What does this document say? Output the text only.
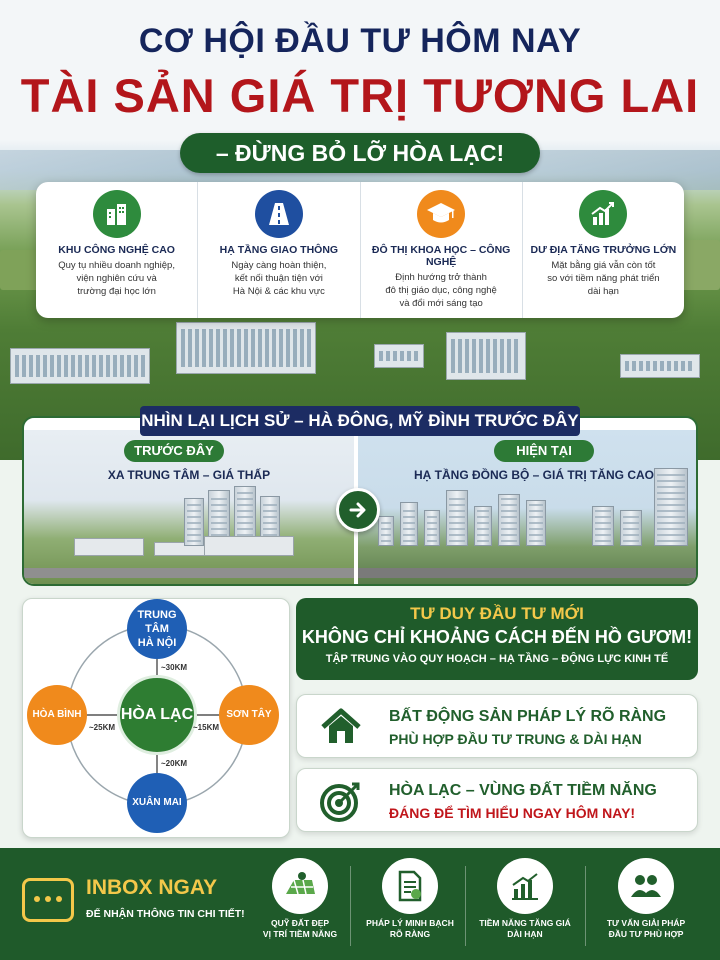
CƠ HỘI ĐẦU TƯ HÔM NAY
TÀI SẢN GIÁ TRỊ TƯƠNG LAI
– ĐỪNG BỎ LỠ HÒA LẠC!
KHU CÔNG NGHỆ CAO
Quy tụ nhiều doanh nghiệp,
viện nghiên cứu và
trường đại học lớn
HẠ TẦNG GIAO THÔNG
Ngày càng hoàn thiện,
kết nối thuận tiện với
Hà Nội & các khu vực
ĐÔ THỊ KHOA HỌC – CÔNG NGHỆ
Định hướng trở thành
đô thị giáo dục, công nghệ
và đổi mới sáng tạo
DƯ ĐỊA TĂNG TRƯỞNG LỚN
Mặt bằng giá vẫn còn tốt
so với tiềm năng phát triển
dài hạn
NHÌN LẠI LỊCH SỬ – HÀ ĐÔNG, MỸ ĐÌNH TRƯỚC ĐÂY
TRƯỚC ĐÂY
XA TRUNG TÂM – GIÁ THẤP
HIỆN TẠI
HẠ TẦNG ĐỒNG BỘ – GIÁ TRỊ TĂNG CAO
TRUNG TÂM
HÀ NỘI
HÒA BÌNH	SƠN TÂY
XUÂN MAI
HÒA LẠC
~30KM
~25KM	~15KM
~20KM
TƯ DUY ĐẦU TƯ MỚI
KHÔNG CHỈ KHOẢNG CÁCH ĐẾN HỒ GƯƠM!
TẬP TRUNG VÀO QUY HOẠCH – HẠ TẦNG – ĐỘNG LỰC KINH TẾ
BẤT ĐỘNG SẢN PHÁP LÝ RÕ RÀNG
PHÙ HỢP ĐẦU TƯ TRUNG & DÀI HẠN
HÒA LẠC – VÙNG ĐẤT TIỀM NĂNG
ĐÁNG ĐỂ TÌM HIỂU NGAY HÔM NAY!
INBOX NGAY
ĐỂ NHẬN THÔNG TIN CHI TIẾT!
QUỸ ĐẤT ĐẸP
VỊ TRÍ TIỀM NĂNG
PHÁP LÝ MINH BẠCH
RÕ RÀNG
TIỀM NĂNG TĂNG GIÁ
DÀI HẠN
TƯ VẤN GIẢI PHÁP
ĐẦU TƯ PHÙ HỢP
